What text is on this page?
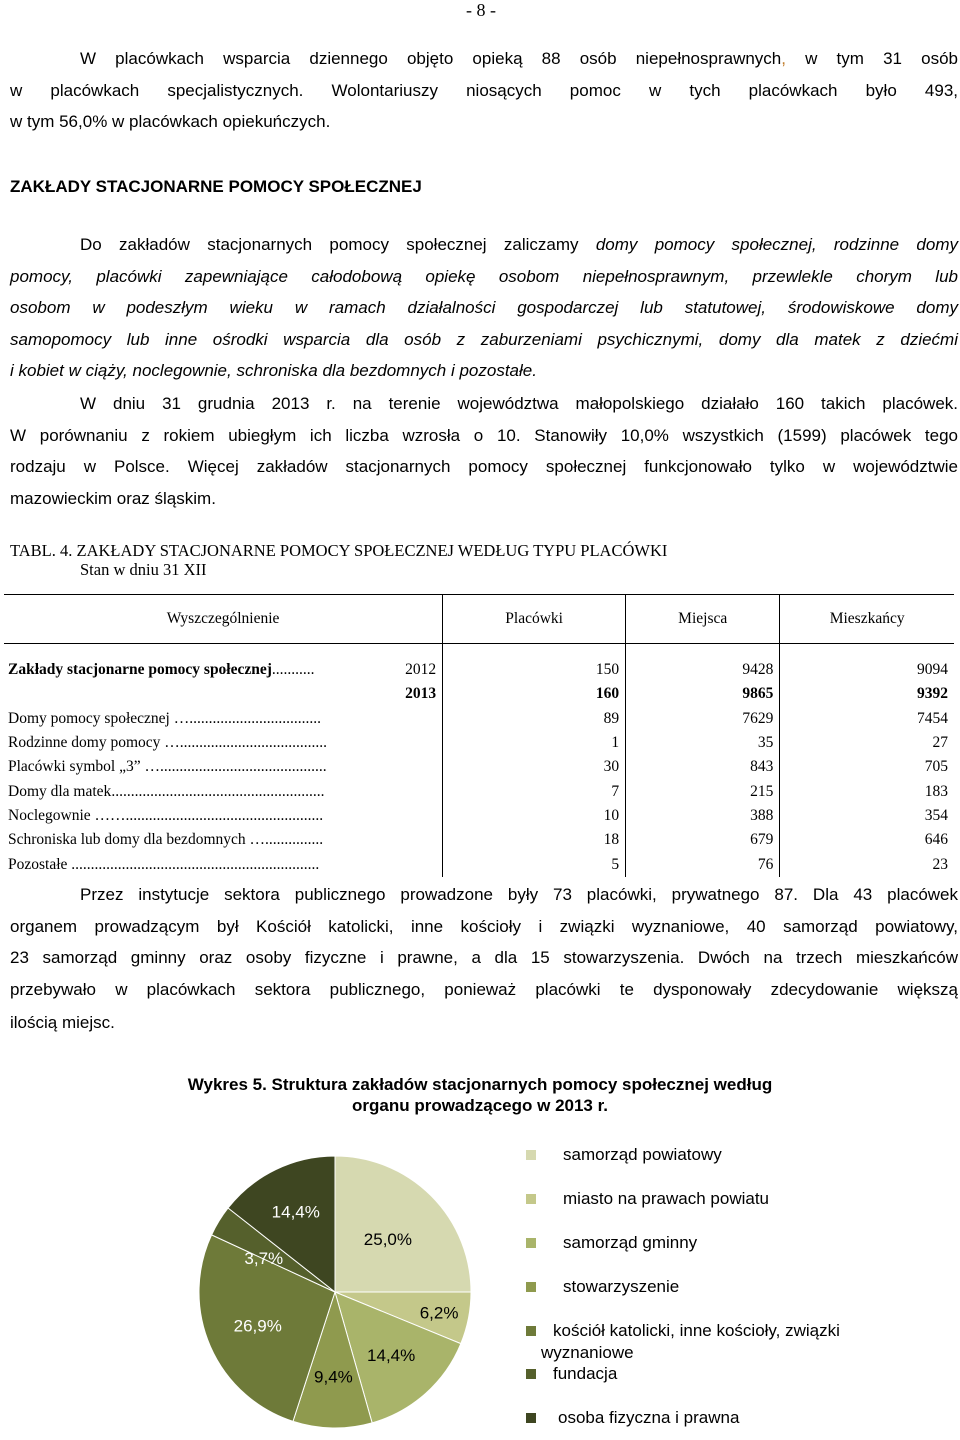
- 8 -
W placówkach wsparcia dziennego objęto opieką 88 osób niepełnosprawnych, w tym 31 osób
w placówkach specjalistycznych. Wolontariuszy niosących pomoc w tych placówkach było 493,
w tym 56,0% w placówkach opiekuńczych.
ZAKŁADY STACJONARNE POMOCY SPOŁECZNEJ
Do zakładów stacjonarnych pomocy społecznej zaliczamy domy pomocy społecznej, rodzinne domy
pomocy, placówki zapewniające całodobową opiekę osobom niepełnosprawnym, przewlekle chorym lub
osobom w podeszłym wieku w ramach działalności gospodarczej lub statutowej, środowiskowe domy
samopomocy lub inne ośrodki wsparcia dla osób z zaburzeniami psychicznymi, domy dla matek z dziećmi
i kobiet w ciąży, noclegownie, schroniska dla bezdomnych i pozostałe.
W dniu 31 grudnia 2013 r. na terenie województwa małopolskiego działało 160 takich placówek.
W porównaniu z rokiem ubiegłym ich liczba wzrosła o 10. Stanowiły 10,0% wszystkich (1599) placówek tego
rodzaju w Polsce. Więcej zakładów stacjonarnych pomocy społecznej funkcjonowało tylko w województwie
mazowieckim oraz śląskim.
TABL. 4. ZAKŁADY STACJONARNE POMOCY SPOŁECZNEJ WEDŁUG TYPU PLACÓWKI
Stan w dniu 31 XII
Wyszczególnienie	Placówki	Miejsca	Mieszkańcy

Zakłady stacjonarne pomocy społecznej........... 2012	150	9428	9094
2013	160	9865	9392
Domy pomocy społecznej …..................................	89	7629	7454
Rodzinne domy pomocy …......................................	1	35	27
Placówki symbol „3” …...........................................	30	843	705
Domy dla matek.......................................................	7	215	183
Noclegownie ……...................................................	10	388	354
Schroniska lub domy dla bezdomnych …...............	18	679	646
Pozostałe ................................................................	5	76	23
Przez instytucje sektora publicznego prowadzone były 73 placówki, prywatnego 87. Dla 43 placówek
organem prowadzącym był Kościół katolicki, inne kościoły i związki wyznaniowe, 40 samorząd powiatowy,
23 samorząd gminny oraz osoby fizyczne i prawne, a dla 15 stowarzyszenia. Dwóch na trzech mieszkańców
przebywało w placówkach sektora publicznego, ponieważ placówki te dysponowały zdecydowanie większą
ilością miejsc.
Wykres 5. Struktura zakładów stacjonarnych pomocy społecznej według
organu prowadzącego w 2013 r.
25,0%
6,2%
14,4%
9,4%
26,9%
3,7%
14,4%
samorząd powiatowy
miasto na prawach powiatu
samorząd gminny
stowarzyszenie
kościół katolicki, inne kościoły, związki
wyznaniowe
fundacja
osoba fizyczna i prawna
